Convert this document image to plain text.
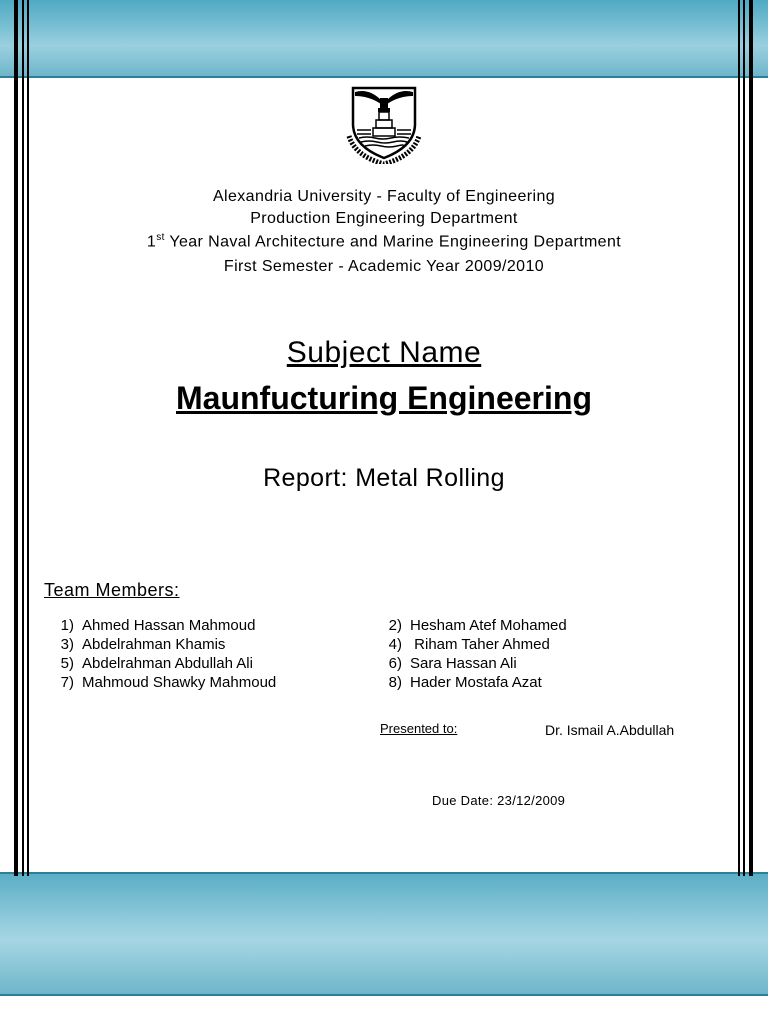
Alexandria University - Faculty of Engineering
Production Engineering Department
1st Year Naval Architecture and Marine Engineering Department
First Semester - Academic Year 2009/2010
Subject Name
Maunfucturing Engineering
Report: Metal Rolling
Team Members:
1) Ahmed Hassan Mahmoud
3) Abdelrahman Khamis
5) Abdelrahman Abdullah Ali
7) Mahmoud Shawky Mahmoud
2) Hesham Atef Mohamed
4) Riham Taher Ahmed
6) Sara Hassan Ali
8) Hader Mostafa Azat
Presented to:	Dr. Ismail A.Abdullah
Due Date: 23/12/2009
